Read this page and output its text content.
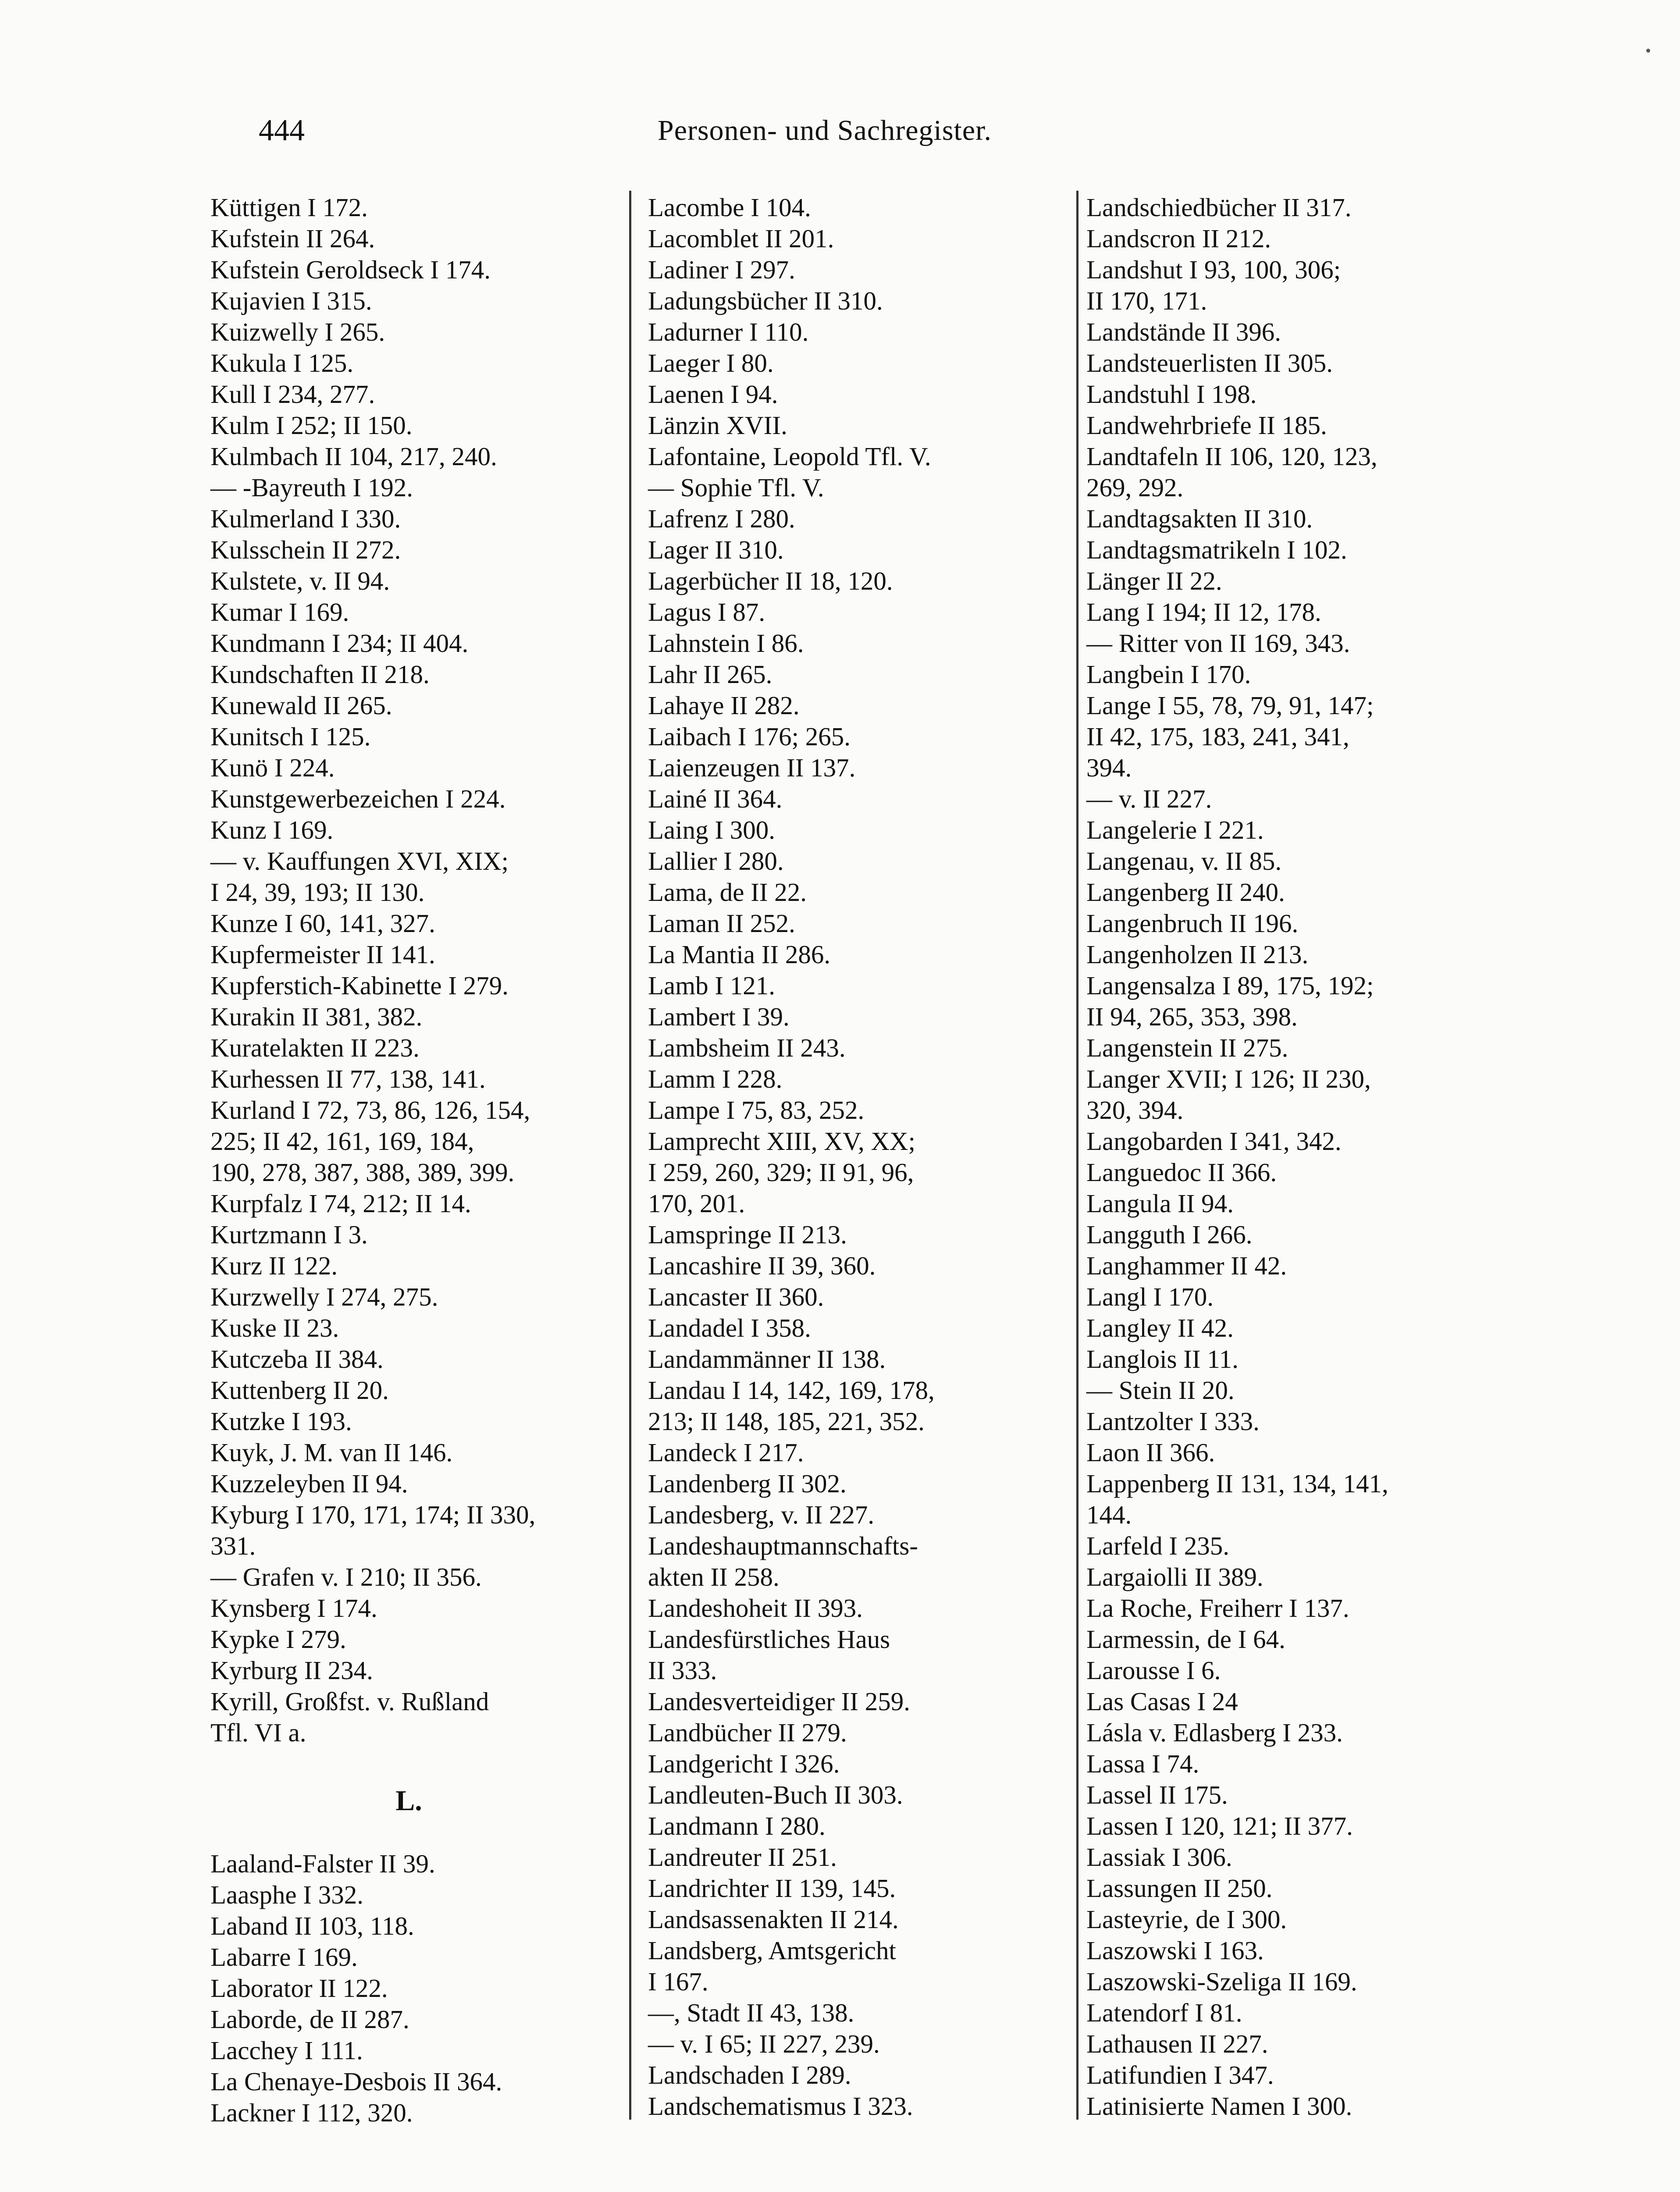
444	Personen- und Sachregister.
Küttigen I 172.
Kufstein II 264.
Kufstein Geroldseck I 174.
Kujavien I 315.
Kuizwelly I 265.
Kukula I 125.
Kull I 234, 277.
Kulm I 252; II 150.
Kulmbach II 104, 217, 240.
— -Bayreuth I 192.
Kulmerland I 330.
Kulsschein II 272.
Kulstete, v. II 94.
Kumar I 169.
Kundmann I 234; II 404.
Kundschaften II 218.
Kunewald II 265.
Kunitsch I 125.
Kunö I 224.
Kunstgewerbezeichen I 224.
Kunz I 169.
— v. Kauffungen XVI, XIX;
I 24, 39, 193; II 130.
Kunze I 60, 141, 327.
Kupfermeister II 141.
Kupferstich-Kabinette I 279.
Kurakin II 381, 382.
Kuratelakten II 223.
Kurhessen II 77, 138, 141.
Kurland I 72, 73, 86, 126, 154,
225; II 42, 161, 169, 184,
190, 278, 387, 388, 389, 399.
Kurpfalz I 74, 212; II 14.
Kurtzmann I 3.
Kurz II 122.
Kurzwelly I 274, 275.
Kuske II 23.
Kutczeba II 384.
Kuttenberg II 20.
Kutzke I 193.
Kuyk, J. M. van II 146.
Kuzzeleyben II 94.
Kyburg I 170, 171, 174; II 330,
331.
— Grafen v. I 210; II 356.
Kynsberg I 174.
Kypke I 279.
Kyrburg II 234.
Kyrill, Großfst. v. Rußland
Tfl. VI a.
L.
Laaland-Falster II 39.
Laasphe I 332.
Laband II 103, 118.
Labarre I 169.
Laborator II 122.
Laborde, de II 287.
Lacchey I 111.
La Chenaye-Desbois II 364.
Lackner I 112, 320.
Lacombe I 104.
Lacomblet II 201.
Ladiner I 297.
Ladungsbücher II 310.
Ladurner I 110.
Laeger I 80.
Laenen I 94.
Länzin XVII.
Lafontaine, Leopold Tfl. V.
— Sophie Tfl. V.
Lafrenz I 280.
Lager II 310.
Lagerbücher II 18, 120.
Lagus I 87.
Lahnstein I 86.
Lahr II 265.
Lahaye II 282.
Laibach I 176; 265.
Laienzeugen II 137.
Lainé II 364.
Laing I 300.
Lallier I 280.
Lama, de II 22.
Laman II 252.
La Mantia II 286.
Lamb I 121.
Lambert I 39.
Lambsheim II 243.
Lamm I 228.
Lampe I 75, 83, 252.
Lamprecht XIII, XV, XX;
I 259, 260, 329; II 91, 96,
170, 201.
Lamspringe II 213.
Lancashire II 39, 360.
Lancaster II 360.
Landadel I 358.
Landammänner II 138.
Landau I 14, 142, 169, 178,
213; II 148, 185, 221, 352.
Landeck I 217.
Landenberg II 302.
Landesberg, v. II 227.
Landeshauptmannschafts-
akten II 258.
Landeshoheit II 393.
Landesfürstliches Haus
II 333.
Landesverteidiger II 259.
Landbücher II 279.
Landgericht I 326.
Landleuten-Buch II 303.
Landmann I 280.
Landreuter II 251.
Landrichter II 139, 145.
Landsassenakten II 214.
Landsberg, Amtsgericht
I 167.
—, Stadt II 43, 138.
— v. I 65; II 227, 239.
Landschaden I 289.
Landschematismus I 323.
Landschiedbücher II 317.
Landscron II 212.
Landshut I 93, 100, 306;
II 170, 171.
Landstände II 396.
Landsteuerlisten II 305.
Landstuhl I 198.
Landwehrbriefe II 185.
Landtafeln II 106, 120, 123,
269, 292.
Landtagsakten II 310.
Landtagsmatrikeln I 102.
Länger II 22.
Lang I 194; II 12, 178.
— Ritter von II 169, 343.
Langbein I 170.
Lange I 55, 78, 79, 91, 147;
II 42, 175, 183, 241, 341,
394.
— v. II 227.
Langelerie I 221.
Langenau, v. II 85.
Langenberg II 240.
Langenbruch II 196.
Langenholzen II 213.
Langensalza I 89, 175, 192;
II 94, 265, 353, 398.
Langenstein II 275.
Langer XVII; I 126; II 230,
320, 394.
Langobarden I 341, 342.
Languedoc II 366.
Langula II 94.
Langguth I 266.
Langhammer II 42.
Langl I 170.
Langley II 42.
Langlois II 11.
— Stein II 20.
Lantzolter I 333.
Laon II 366.
Lappenberg II 131, 134, 141,
144.
Larfeld I 235.
Largaiolli II 389.
La Roche, Freiherr I 137.
Larmessin, de I 64.
Larousse I 6.
Las Casas I 24
Lásla v. Edlasberg I 233.
Lassa I 74.
Lassel II 175.
Lassen I 120, 121; II 377.
Lassiak I 306.
Lassungen II 250.
Lasteyrie, de I 300.
Laszowski I 163.
Laszowski-Szeliga II 169.
Latendorf I 81.
Lathausen II 227.
Latifundien I 347.
Latinisierte Namen I 300.
